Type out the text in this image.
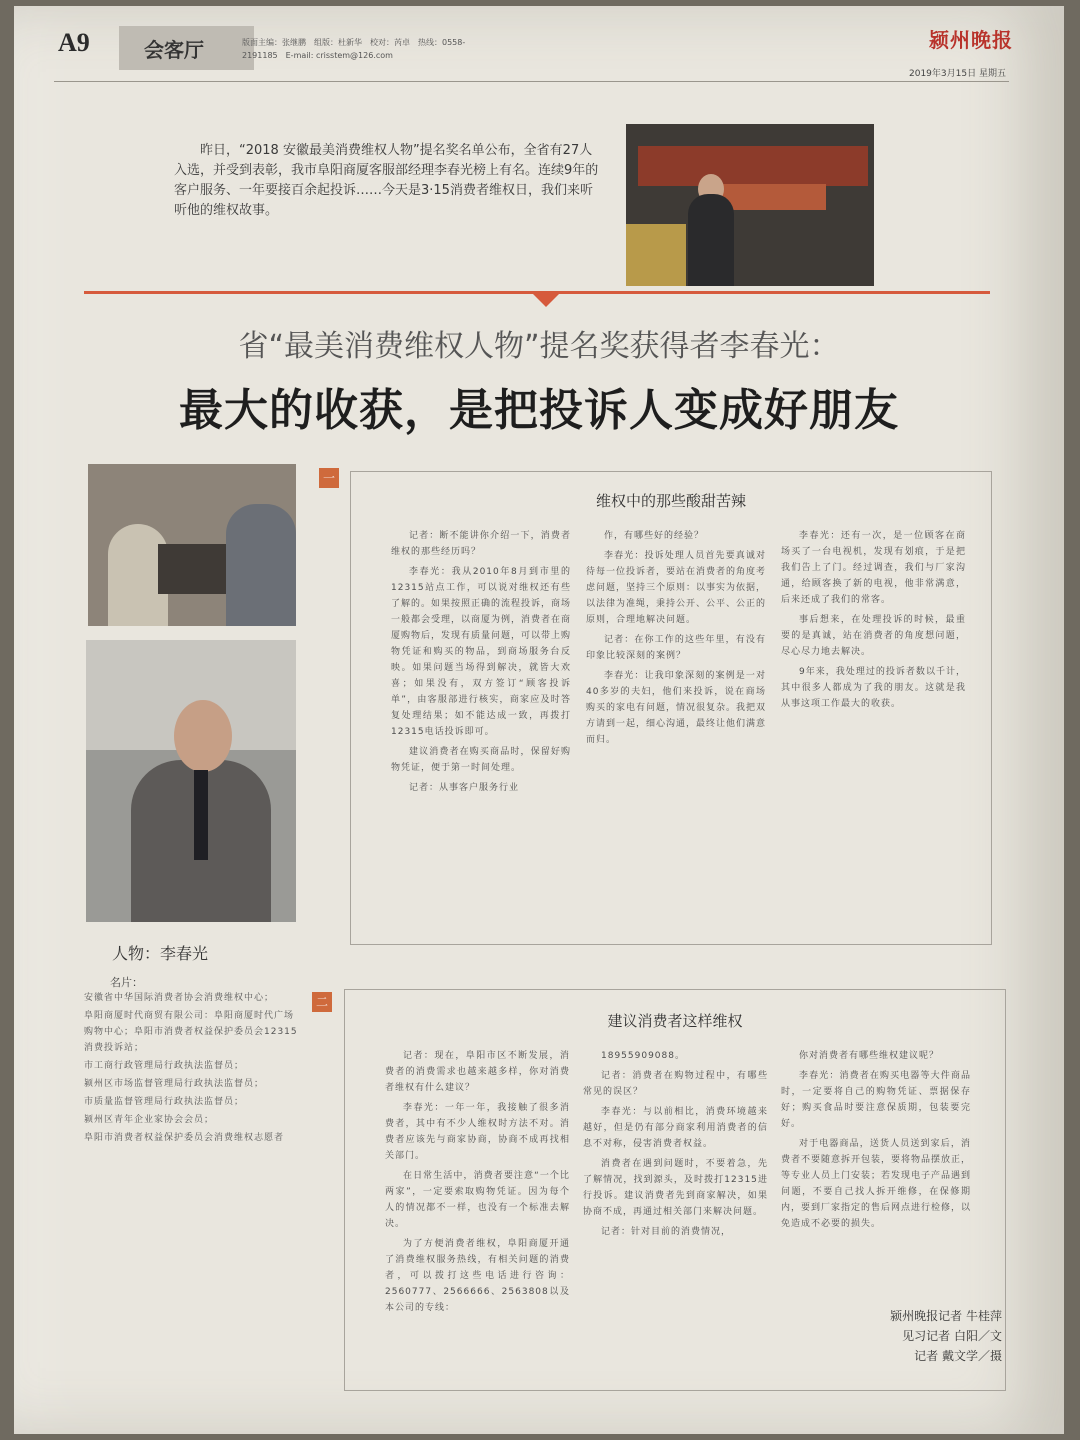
A9	会客厅	版面主编：张继鹏　组版：杜新华　校对：芮卓　热线：0558-2191185　E-mail: crisstem@126.com
颍州晚报
2019年3月15日 星期五
昨日，“2018 安徽最美消费维权人物”提名奖名单公布，全省有27人入选，并受到表彰，我市阜阳商厦客服部经理李春光榜上有名。连续9年的客户服务、一年要接百余起投诉……今天是3·15消费者维权日，我们来听听他的维权故事。
省“最美消费维权人物”提名奖获得者李春光：
最大的收获，是把投诉人变成好朋友
人物：李春光
名片：
安徽省中华国际消费者协会消费维权中心；
阜阳商厦时代商贸有限公司：阜阳商厦时代广场购物中心；阜阳市消费者权益保护委员会12315消费投诉站；
市工商行政管理局行政执法监督员；
颍州区市场监督管理局行政执法监督员；
市质量监督管理局行政执法监督员；
颍州区青年企业家协会会员；
阜阳市消费者权益保护委员会消费维权志愿者
一
维权中的那些酸甜苦辣

记者：断不能讲你介绍一下，消费者维权的那些经历吗？

李春光：我从2010年8月到市里的12315站点工作，可以说对维权还有些了解的。如果按照正确的流程投诉，商场一般都会受理，以商厦为例，消费者在商厦购物后，发现有质量问题，可以带上购物凭证和购买的物品，到商场服务台反映。如果问题当场得到解决，就皆大欢喜；如果没有，双方签订“顾客投诉单”，由客服部进行核实，商家应及时答复处理结果；如不能达成一致，再拨打12315电话投诉即可。

建议消费者在购买商品时，保留好购物凭证，便于第一时间处理。

记者：从事客户服务行业

作，有哪些好的经验？

李春光：投诉处理人员首先要真诚对待每一位投诉者，要站在消费者的角度考虑问题，坚持三个原则：以事实为依据，以法律为准绳，秉持公开、公平、公正的原则，合理地解决问题。

记者：在你工作的这些年里，有没有印象比较深刻的案例？

李春光：让我印象深刻的案例是一对40多岁的夫妇，他们来投诉，说在商场购买的家电有问题，情况很复杂。我把双方请到一起，细心沟通，最终让他们满意而归。

李春光：还有一次，是一位顾客在商场买了一台电视机，发现有划痕，于是把我们告上了门。经过调查，我们与厂家沟通，给顾客换了新的电视，他非常满意，后来还成了我们的常客。

事后想来，在处理投诉的时候，最重要的是真诚，站在消费者的角度想问题，尽心尽力地去解决。

9年来，我处理过的投诉者数以千计，其中很多人都成为了我的朋友。这就是我从事这项工作最大的收获。

二
建议消费者这样维权

记者：现在，阜阳市区不断发展，消费者的消费需求也越来越多样，你对消费者维权有什么建议？

李春光：一年一年，我接触了很多消费者，其中有不少人维权时方法不对。消费者应该先与商家协商，协商不成再找相关部门。

在日常生活中，消费者要注意“一个比两家”，一定要索取购物凭证。因为每个人的情况都不一样，也没有一个标准去解决。

为了方便消费者维权，阜阳商厦开通了消费维权服务热线，有相关问题的消费者，可以拨打这些电话进行咨询：2560777、2566666、2563808以及本公司的专线：

18955909088。

记者：消费者在购物过程中，有哪些常见的误区？

李春光：与以前相比，消费环境越来越好，但是仍有部分商家利用消费者的信息不对称，侵害消费者权益。

消费者在遇到问题时，不要着急，先了解情况，找到源头，及时拨打12315进行投诉。建议消费者先到商家解决，如果协商不成，再通过相关部门来解决问题。

记者：针对目前的消费情况，

你对消费者有哪些维权建议呢？

李春光：消费者在购买电器等大件商品时，一定要将自己的购物凭证、票据保存好；购买食品时要注意保质期，包装要完好。

对于电器商品，送货人员送到家后，消费者不要随意拆开包装，要将物品摆放正，等专业人员上门安装；若发现电子产品遇到问题，不要自己找人拆开维修，在保修期内，要到厂家指定的售后网点进行检修，以免造成不必要的损失。

颍州晚报记者 牛桂萍
见习记者 白阳／文
记者 戴文学／摄
